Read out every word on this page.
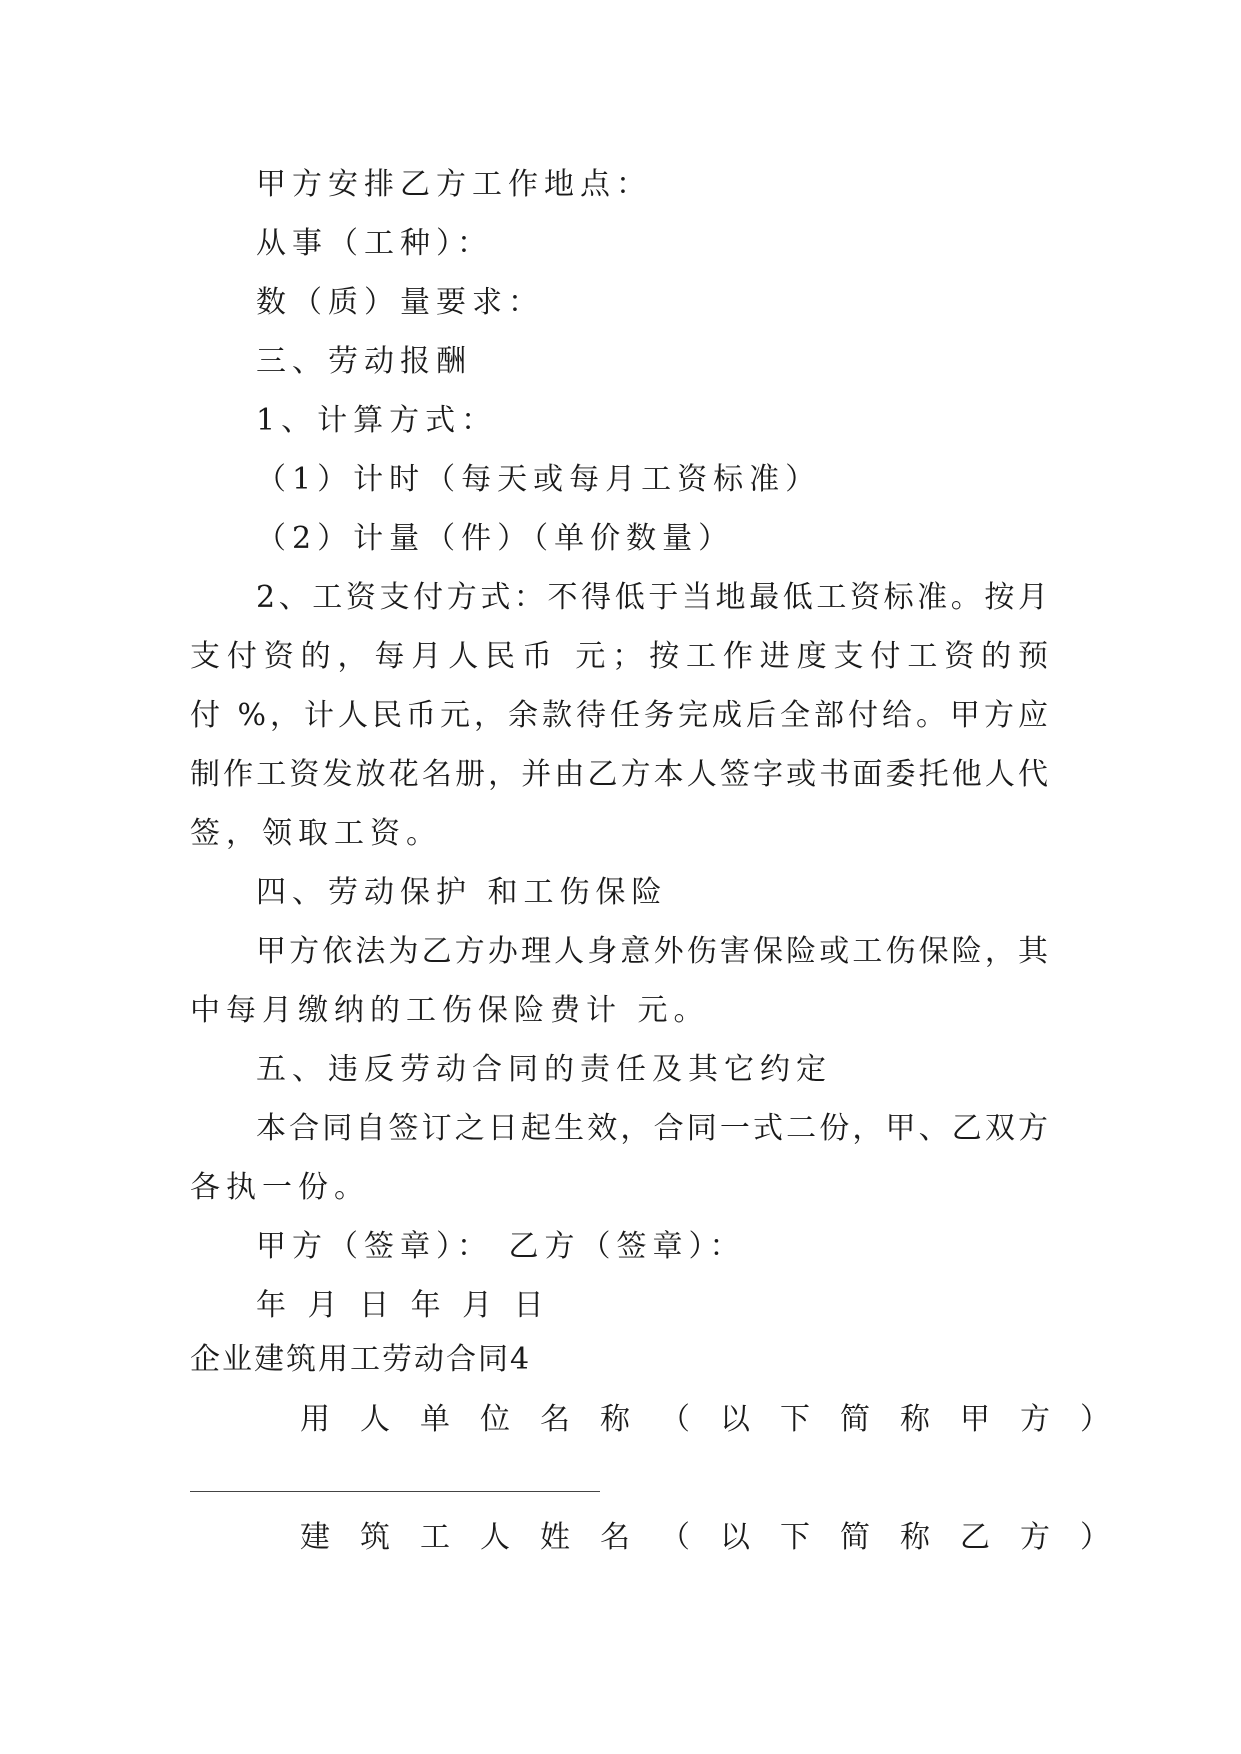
甲方安排乙方工作地点：
从事（工种）：
数（质）量要求：
三、劳动报酬
1、计算方式：
（1）计时（每天或每月工资标准）
（2）计量（件）（单价数量）
2、工资支付方式：不得低于当地最低工资标准。按月
支付资的，每月人民币 元；按工作进度支付工资的预
付 %，计人民币元，余款待任务完成后全部付给。甲方应
制作工资发放花名册，并由乙方本人签字或书面委托他人代
签，领取工资。
四、劳动保护 和工伤保险
甲方依法为乙方办理人身意外伤害保险或工伤保险，其
中每月缴纳的工伤保险费计 元。
五、违反劳动合同的责任及其它约定
本合同自签订之日起生效，合同一式二份，甲、乙双方
各执一份。
甲方（签章）： 乙方（签章）：
年 月 日 年 月 日
企业建筑用工劳动合同4
用人单位名称（以下简称甲方）
建筑工人姓名（以下简称乙方）
